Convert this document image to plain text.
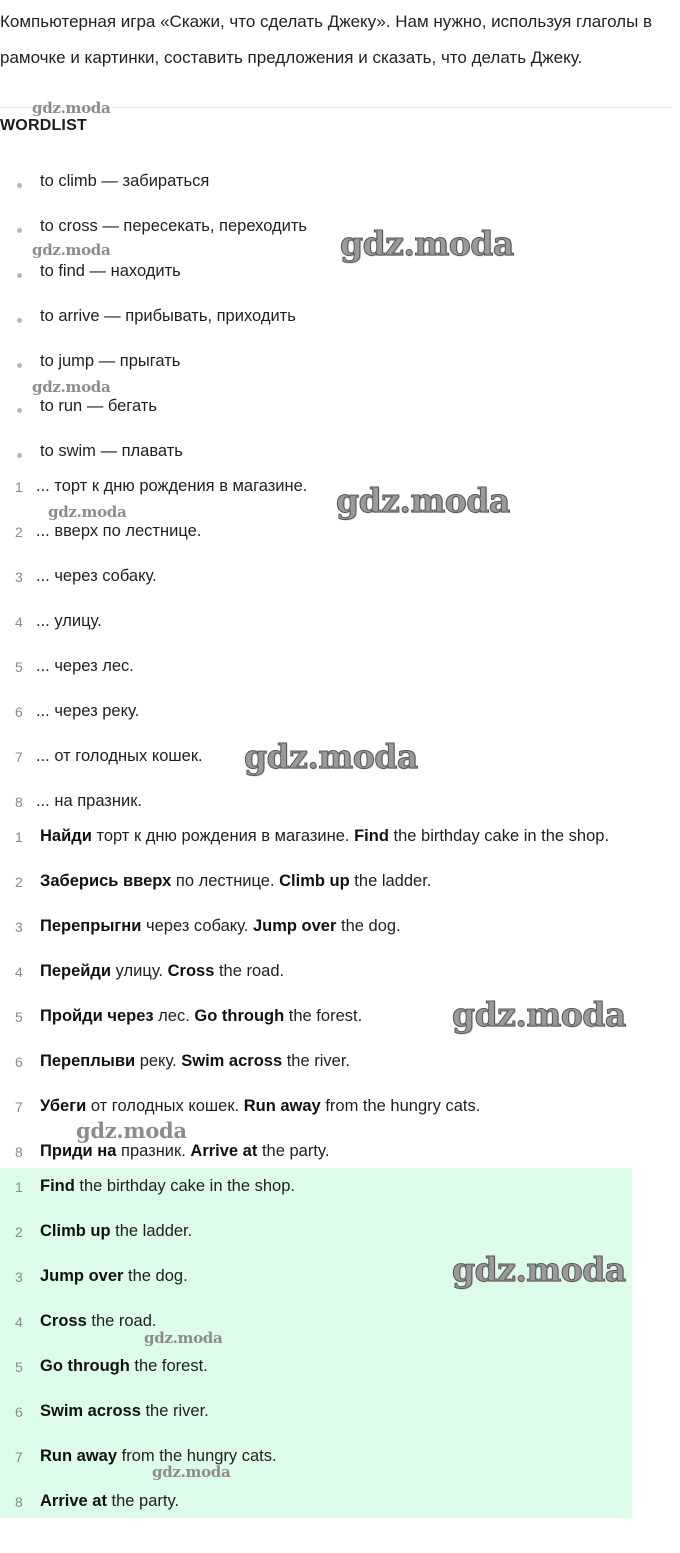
Компьютерная игра «Скажи, что сделать Джеку». Нам нужно, используя глаголы в рамочке и картинки, составить предложения и сказать, что делать Джеку.
WORDLIST
to climb — забираться
to cross — пересекать, переходить
to find — находить
to arrive — прибывать, приходить
to jump — прыгать
to run — бегать
to swim — плавать
1 ... торт к дню рождения в магазине.
2 ... вверх по лестнице.
3 ... через собаку.
4 ... улицу.
5 ... через лес.
6 ... через реку.
7 ... от голодных кошек.
8 ... на празник.
1 Найди торт к дню рождения в магазине. Find the birthday cake in the shop.
2 Заберись вверх по лестнице. Climb up the ladder.
3 Перепрыгни через собаку. Jump over the dog.
4 Перейди улицу. Cross the road.
5 Пройди через лес. Go through the forest.
6 Переплыви реку. Swim across the river.
7 Убеги от голодных кошек. Run away from the hungry cats.
8 Приди на празник. Arrive at the party.
1 Find the birthday cake in the shop.
2 Climb up the ladder.
3 Jump over the dog.
4 Cross the road.
5 Go through the forest.
6 Swim across the river.
7 Run away from the hungry cats.
8 Arrive at the party.
gdz.moda
gdz.moda
gdz.moda
gdz.moda
gdz.moda
gdz.moda
gdz.moda
gdz.moda
gdz.moda
gdz.moda
gdz.moda
gdz.moda
